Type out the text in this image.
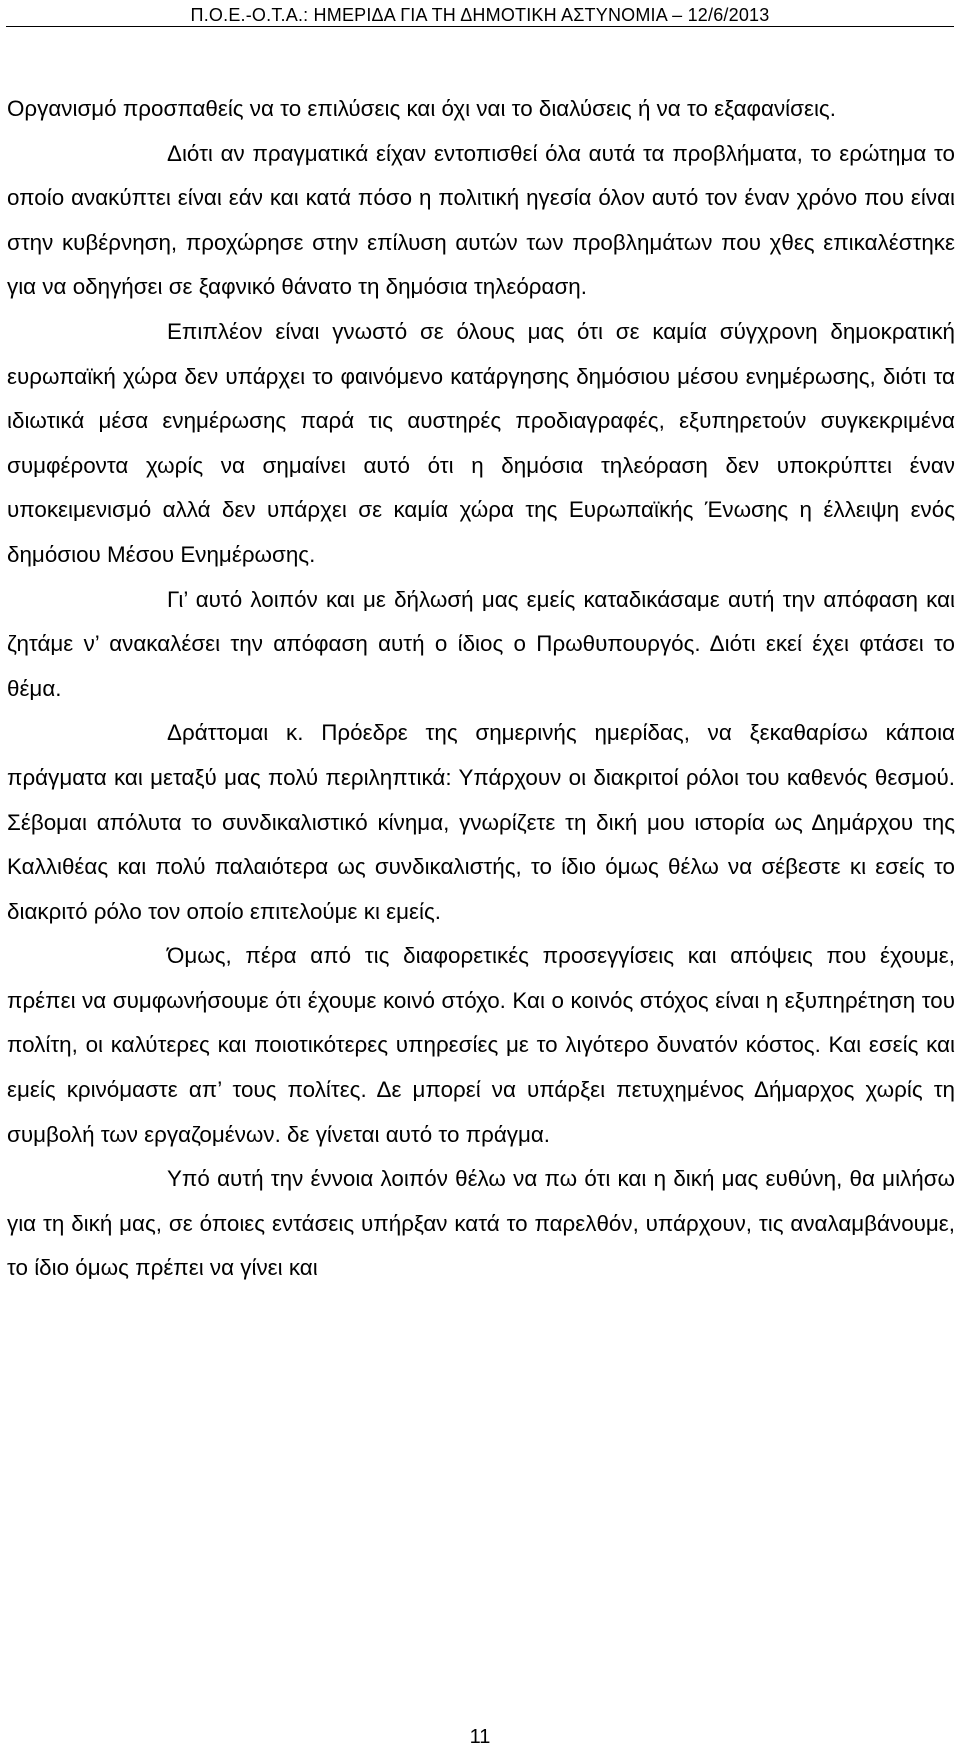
Π.Ο.Ε.-Ο.Τ.Α.: ΗΜΕΡΙΔΑ ΓΙΑ ΤΗ ΔΗΜΟΤΙΚΗ ΑΣΤΥΝΟΜΙΑ – 12/6/2013

Οργανισμό προσπαθείς να το επιλύσεις και όχι ναι το διαλύσεις ή να το εξαφανίσεις.

Διότι αν πραγματικά είχαν εντοπισθεί όλα αυτά τα προβλήματα, το ερώτημα το οποίο ανακύπτει είναι εάν και κατά πόσο η πολιτική ηγεσία όλον αυτό τον έναν χρόνο που είναι στην κυβέρνηση, προχώρησε στην επίλυση αυτών των προβλημάτων που χθες επικαλέστηκε για να οδηγήσει σε ξαφνικό θάνατο τη δημόσια τηλεόραση.

Επιπλέον είναι γνωστό σε όλους μας ότι σε καμία σύγχρονη δημοκρατική ευρωπαϊκή χώρα δεν υπάρχει το φαινόμενο κατάργησης δημόσιου μέσου ενημέρωσης, διότι τα ιδιωτικά μέσα ενημέρωσης παρά τις αυστηρές προδιαγραφές, εξυπηρετούν συγκεκριμένα συμφέροντα χωρίς να σημαίνει αυτό ότι η δημόσια τηλεόραση δεν υποκρύπτει έναν υποκειμενισμό αλλά δεν υπάρχει σε καμία χώρα της Ευρωπαϊκής Ένωσης η έλλειψη ενός δημόσιου Μέσου Ενημέρωσης.

Γι’ αυτό λοιπόν και με δήλωσή μας εμείς καταδικάσαμε αυτή την απόφαση και ζητάμε ν’ ανακαλέσει την απόφαση αυτή ο ίδιος ο Πρωθυπουργός. Διότι εκεί έχει φτάσει το θέμα.

Δράττομαι κ. Πρόεδρε της σημερινής ημερίδας, να ξεκαθαρίσω κάποια πράγματα και μεταξύ μας πολύ περιληπτικά: Υπάρχουν οι διακριτοί ρόλοι του καθενός θεσμού. Σέβομαι απόλυτα το συνδικαλιστικό κίνημα, γνωρίζετε τη δική μου ιστορία ως Δημάρχου της Καλλιθέας και πολύ παλαιότερα ως συνδικαλιστής, το ίδιο όμως θέλω να σέβεστε κι εσείς το διακριτό ρόλο τον οποίο επιτελούμε κι εμείς.

Όμως, πέρα από τις διαφορετικές προσεγγίσεις και απόψεις που έχουμε, πρέπει να συμφωνήσουμε ότι έχουμε κοινό στόχο. Και ο κοινός στόχος είναι η εξυπηρέτηση του πολίτη, οι καλύτερες και ποιοτικότερες υπηρεσίες με το λιγότερο δυνατόν κόστος. Και εσείς και εμείς κρινόμαστε απ’ τους πολίτες. Δε μπορεί να υπάρξει πετυχημένος Δήμαρχος χωρίς τη συμβολή των εργαζομένων. δε γίνεται αυτό το πράγμα.

Υπό αυτή την έννοια λοιπόν θέλω να πω ότι και η δική μας ευθύνη, θα μιλήσω για τη δική μας, σε όποιες εντάσεις υπήρξαν κατά το παρελθόν, υπάρχουν, τις αναλαμβάνουμε, το ίδιο όμως πρέπει να γίνει και

11
